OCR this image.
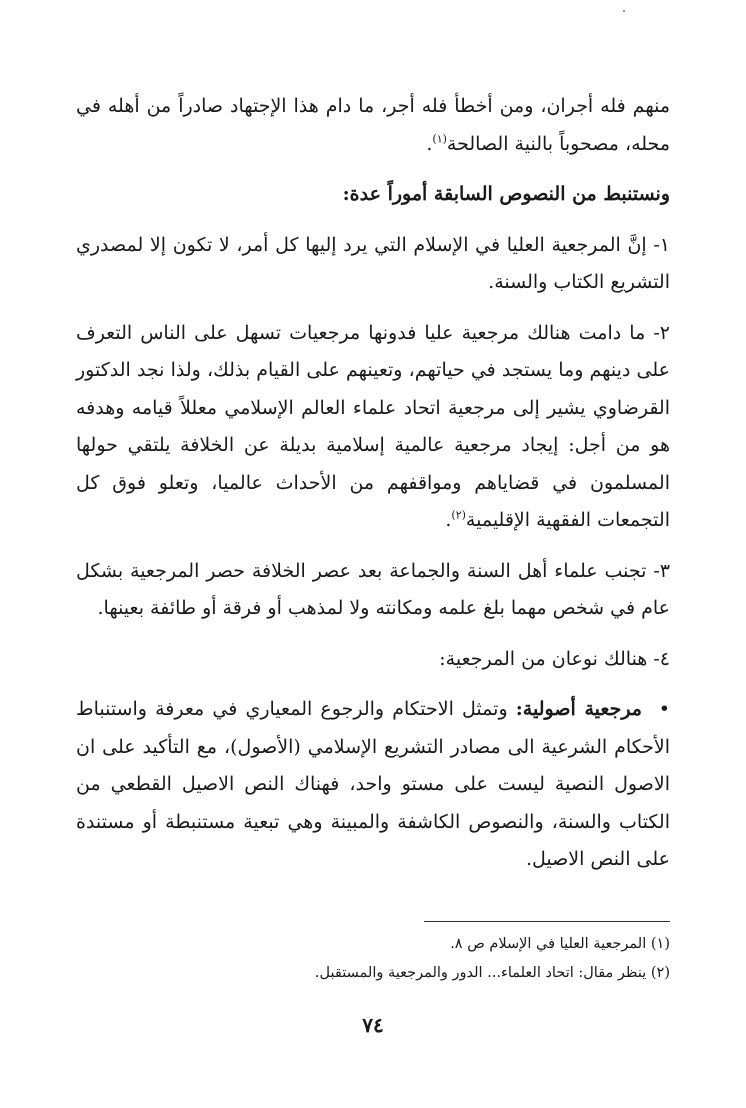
منهم فله أجران، ومن أخطأ فله أجر، ما دام هذا الإجتهاد صادراً من أهله في محله، مصحوباً بالنية الصالحة$^{(١)}$.

ونستنبط من النصوص السابقة أموراً عدة:

١- إنَّ المرجعية العليا في الإسلام التي يرد إليها كل أمر، لا تكون إلا لمصدري التشريع الكتاب والسنة.

٢- ما دامت هنالك مرجعية عليا فدونها مرجعيات تسهل على الناس التعرف على دينهم وما يستجد في حياتهم، وتعينهم على القيام بذلك، ولذا نجد الدكتور القرضاوي يشير إلى مرجعية اتحاد علماء العالم الإسلامي معللاً قيامه وهدفه هو من أجل: إيجاد مرجعية عالمية إسلامية بديلة عن الخلافة يلتقي حولها المسلمون في قضاياهم ومواقفهم من الأحداث عالميا، وتعلو فوق كل التجمعات الفقهية الإقليمية$^{(٢)}$.

٣- تجنب علماء أهل السنة والجماعة بعد عصر الخلافة حصر المرجعية بشكل عام في شخص مهما بلغ علمه ومكانته ولا لمذهب أو فرقة أو طائفة بعينها.

٤- هنالك نوعان من المرجعية:

•مرجعية أصولية: وتمثل الاحتكام والرجوع المعياري في معرفة واستنباط الأحكام الشرعية الى مصادر التشريع الإسلامي (الأصول)، مع التأكيد على ان الاصول النصية ليست على مستو واحد، فهناك النص الاصيل القطعي من الكتاب والسنة، والنصوص الكاشفة والمبينة وهي تبعية مستنبطة أو مستندة على النص الاصيل.

(١) المرجعية العليا في الإسلام ص ٨.

(٢) ينظر مقال: اتحاد العلماء... الدور والمرجعية والمستقبل.

٧٤
